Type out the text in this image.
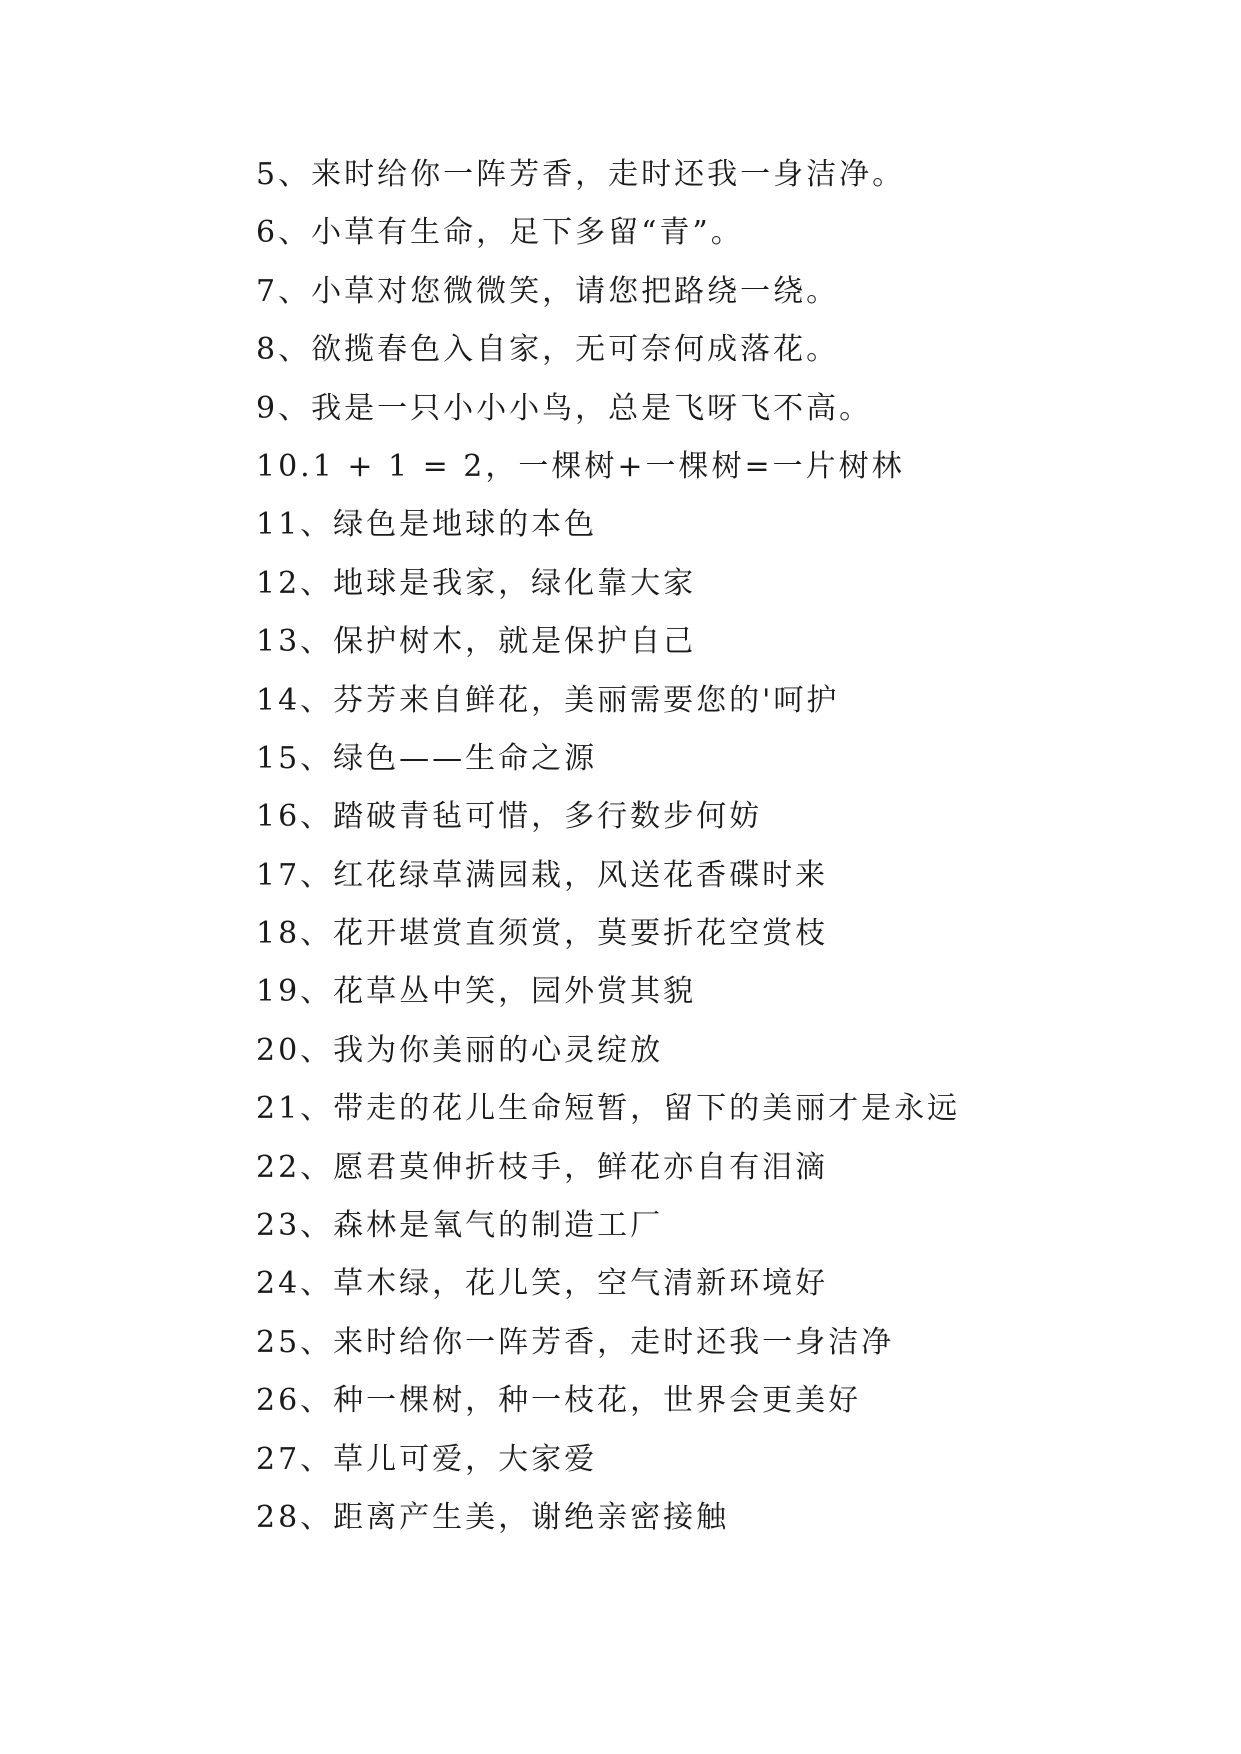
5、来时给你一阵芳香，走时还我一身洁净。
6、小草有生命，足下多留“青”。
7、小草对您微微笑，请您把路绕一绕。
8、欲揽春色入自家，无可奈何成落花。
9、我是一只小小小鸟，总是飞呀飞不高。
10.1 + 1 = 2，一棵树+一棵树=一片树林
11、绿色是地球的本色
12、地球是我家，绿化靠大家
13、保护树木，就是保护自己
14、芬芳来自鲜花，美丽需要您的'呵护
15、绿色——生命之源
16、踏破青毡可惜，多行数步何妨
17、红花绿草满园栽，风送花香碟时来
18、花开堪赏直须赏，莫要折花空赏枝
19、花草丛中笑，园外赏其貌
20、我为你美丽的心灵绽放
21、带走的花儿生命短暂，留下的美丽才是永远
22、愿君莫伸折枝手，鲜花亦自有泪滴
23、森林是氧气的制造工厂
24、草木绿，花儿笑，空气清新环境好
25、来时给你一阵芳香，走时还我一身洁净
26、种一棵树，种一枝花，世界会更美好
27、草儿可爱，大家爱
28、距离产生美，谢绝亲密接触
